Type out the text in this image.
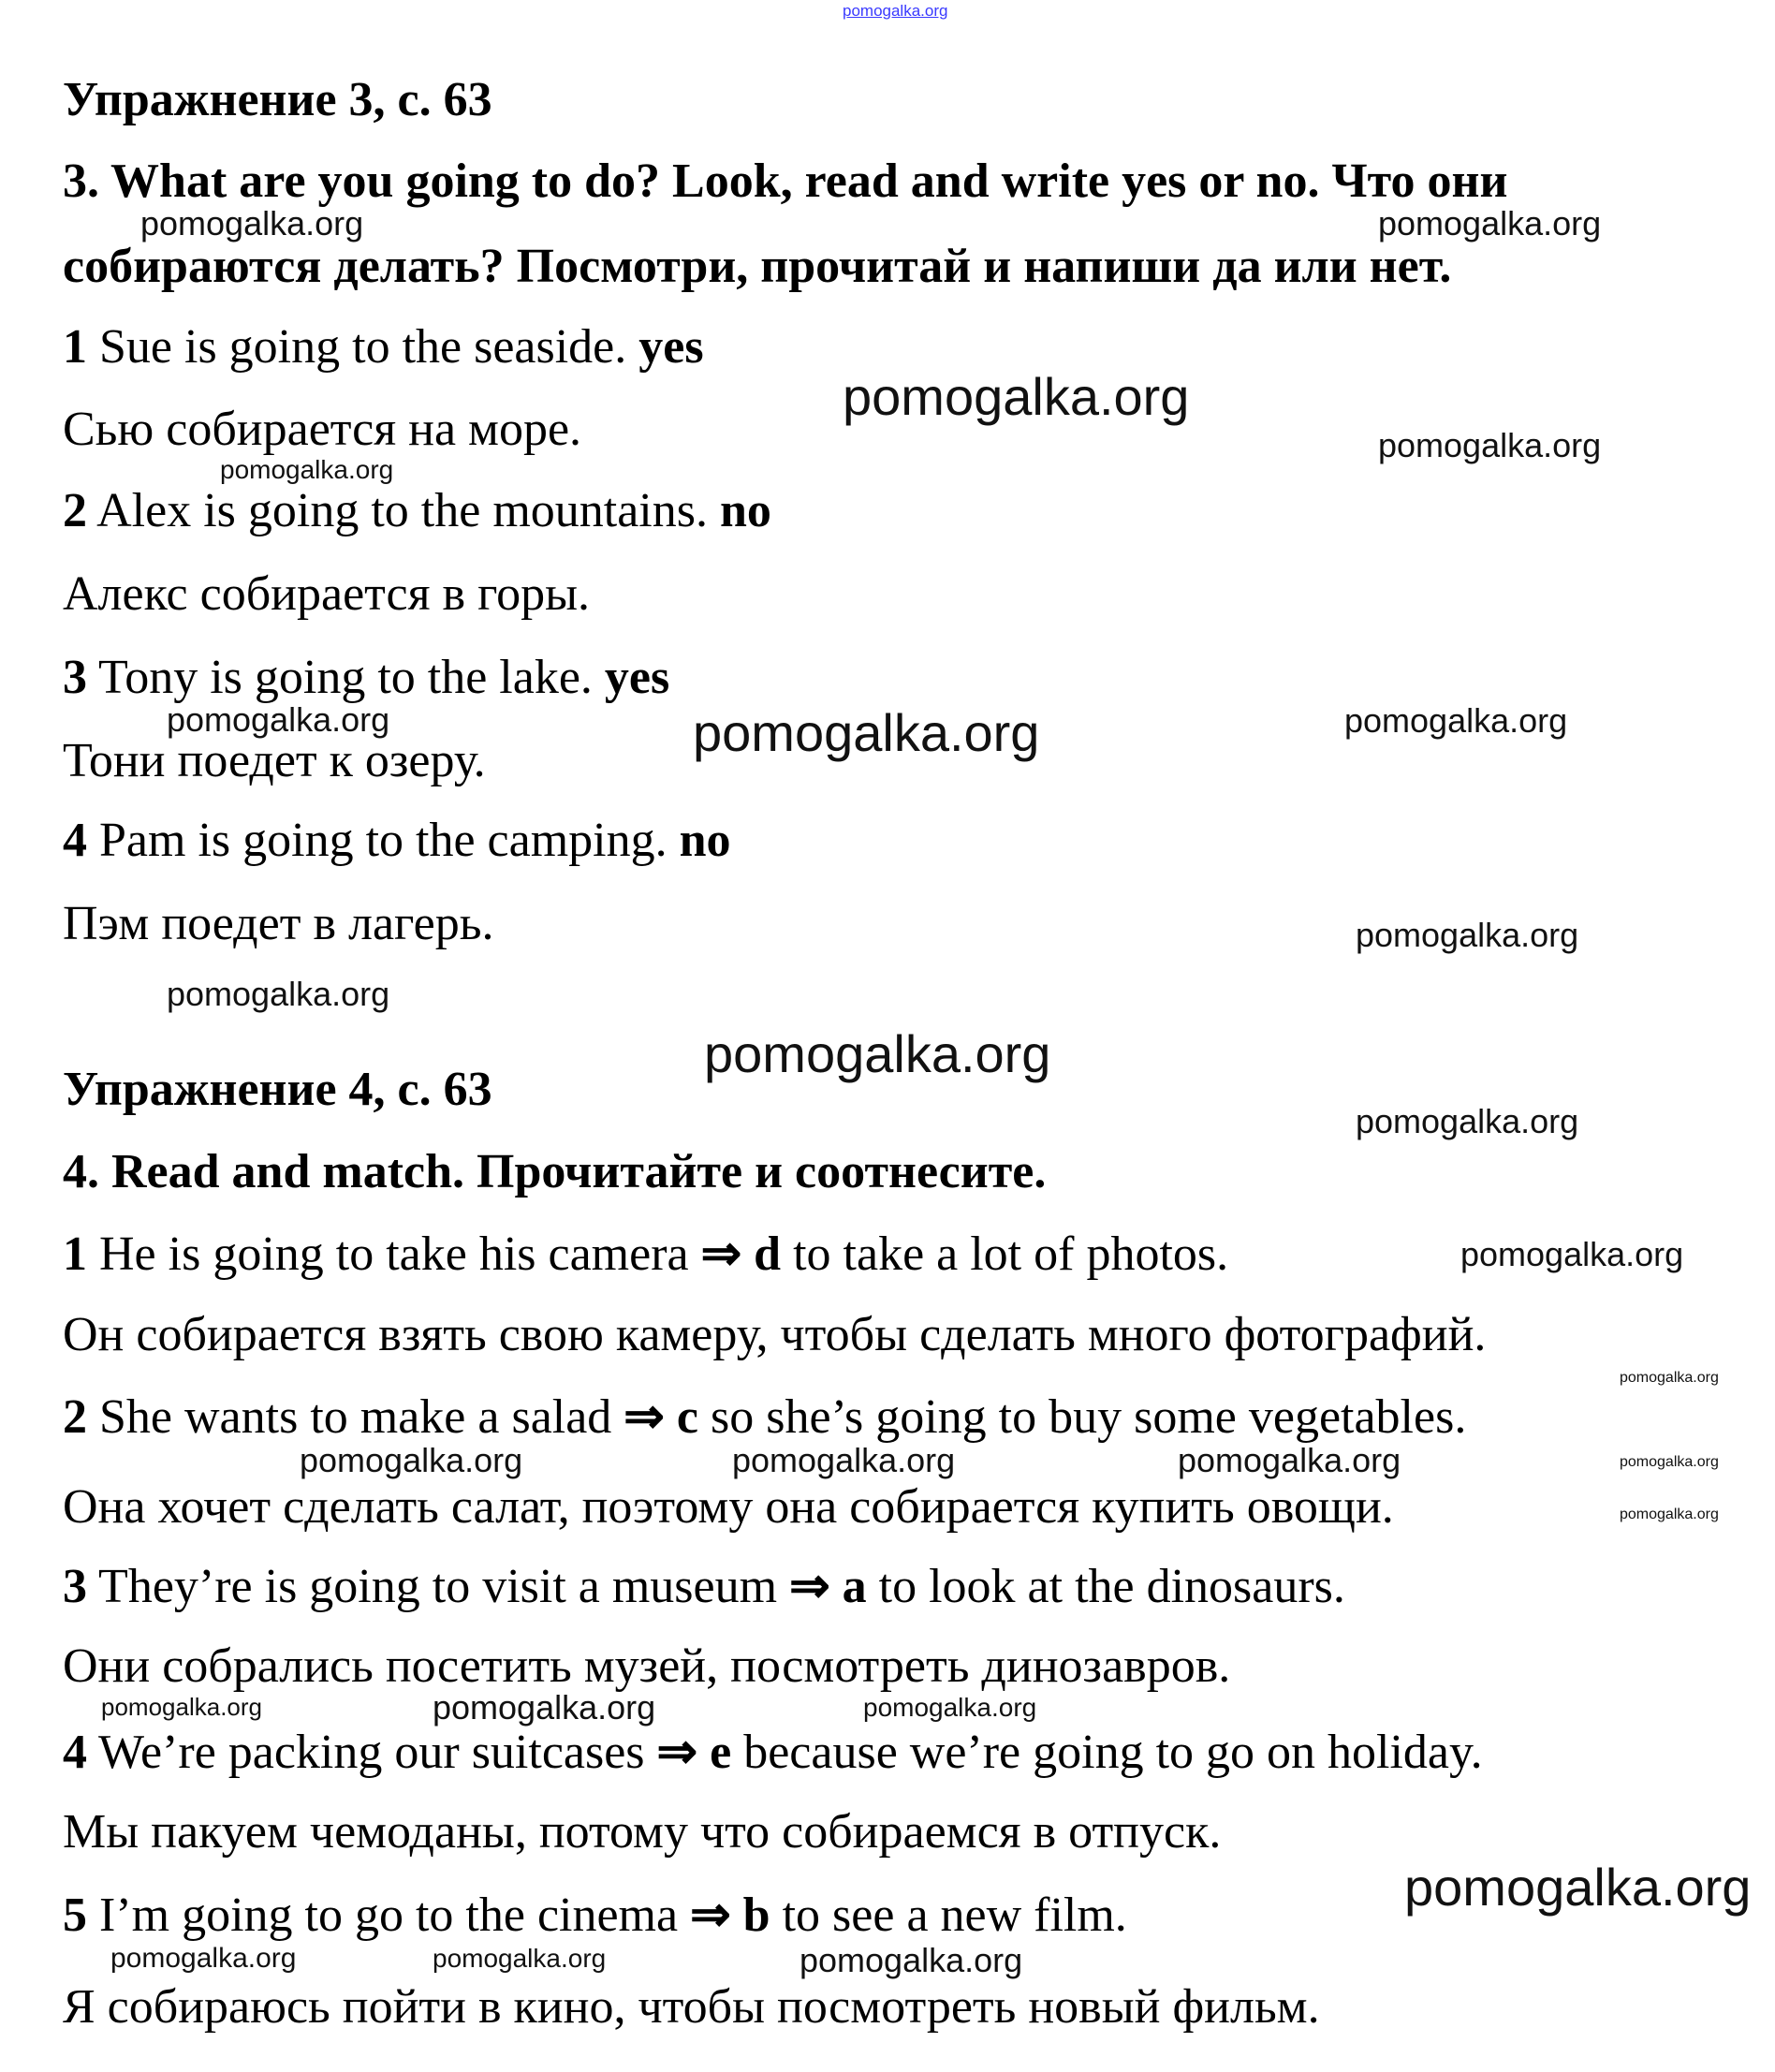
pomogalka.org
Упражнение 3, с. 63
3. What are you going to do? Look, read and write yes or no. Что они
собираются делать? Посмотри, прочитай и напиши да или нет.
1 Sue is going to the seaside. yes
Сью собирается на море.
2 Alex is going to the mountains. no
Алекс собирается в горы.
3 Tony is going to the lake. yes
Тони поедет к озеру.
4 Pam is going to the camping. no
Пэм поедет в лагерь.
Упражнение 4, с. 63
4. Read and match. Прочитайте и соотнесите.
1 He is going to take his camera ⇒ d to take a lot of photos.
Он собирается взять свою камеру, чтобы сделать много фотографий.
2 She wants to make a salad ⇒ c so she’s going to buy some vegetables.
Она хочет сделать салат, поэтому она собирается купить овощи.
3 They’re is going to visit a museum ⇒ a to look at the dinosaurs.
Они собрались посетить музей, посмотреть динозавров.
4 We’re packing our suitcases ⇒ e because we’re going to go on holiday.
Мы пакуем чемоданы, потому что собираемся в отпуск.
5 I’m going to go to the cinema ⇒ b to see a new film.
Я собираюсь пойти в кино, чтобы посмотреть новый фильм.
pomogalka.org	pomogalka.org
pomogalka.org
pomogalka.org
pomogalka.org
pomogalka.org
pomogalka.org	pomogalka.org
pomogalka.org
pomogalka.org
pomogalka.org
pomogalka.org
pomogalka.org
pomogalka.org
pomogalka.org	pomogalka.org	pomogalka.org
pomogalka.org
pomogalka.org
pomogalka.org
pomogalka.org	pomogalka.org
pomogalka.org
pomogalka.org
pomogalka.org	pomogalka.org
